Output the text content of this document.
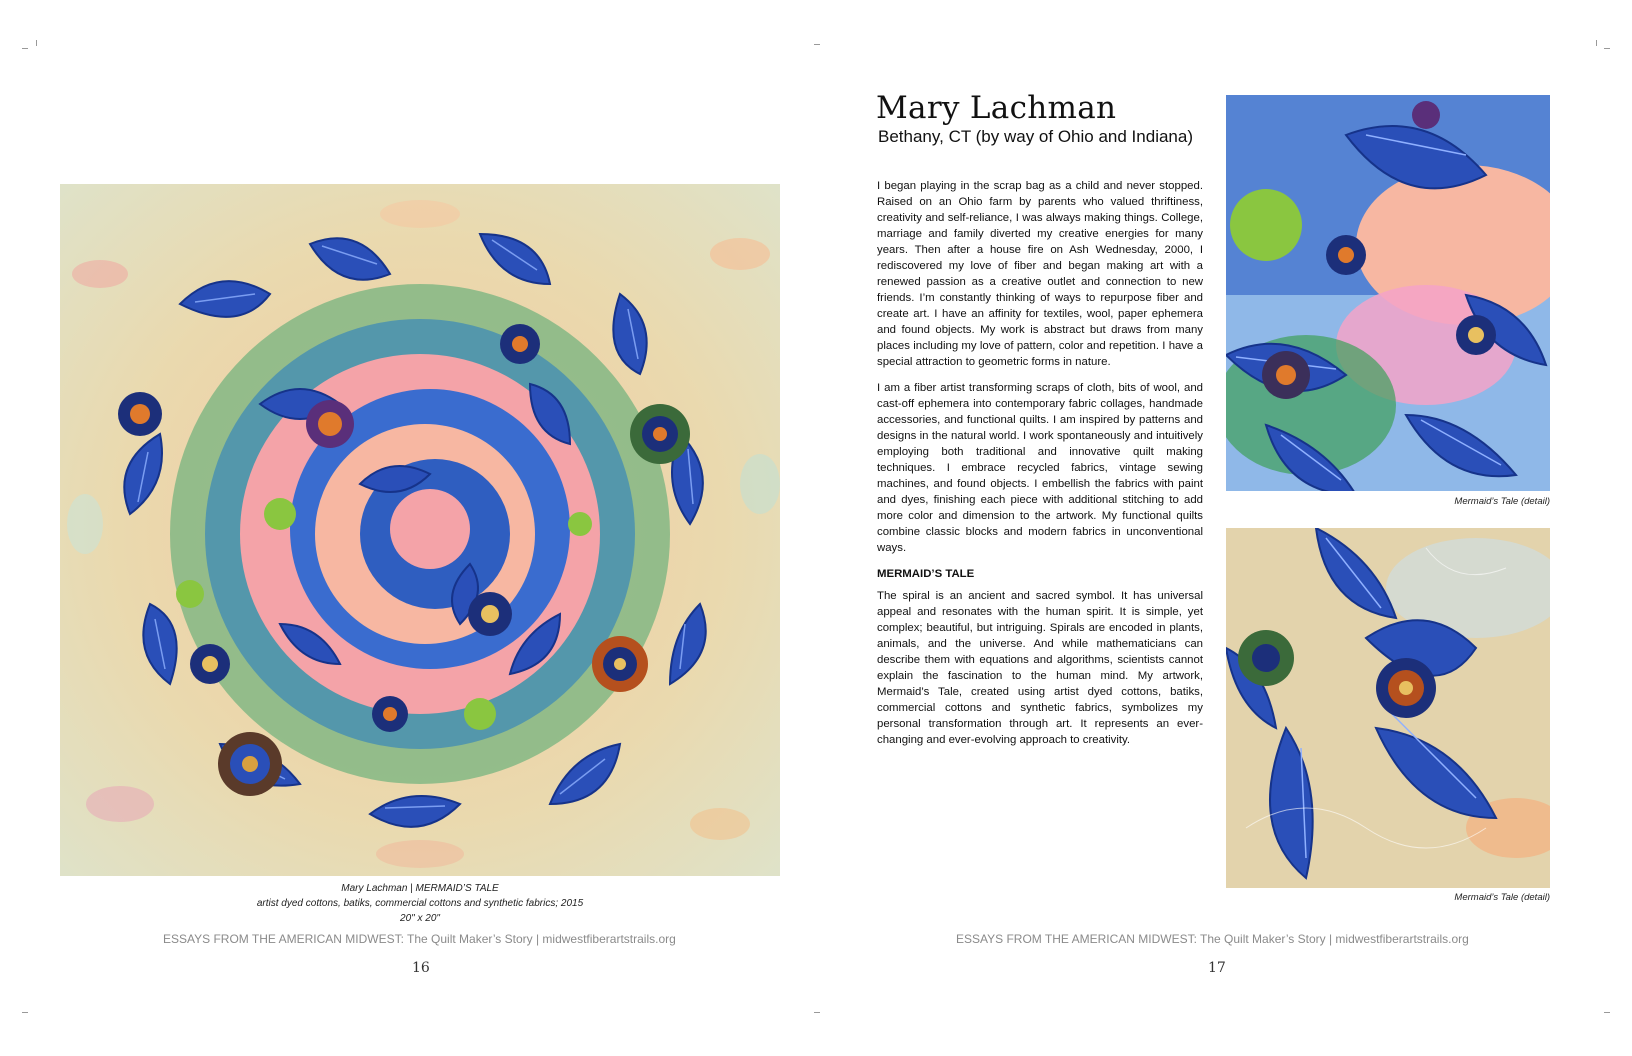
Mary Lachman | MERMAID’S TALE
artist dyed cottons, batiks, commercial cottons and synthetic fabrics; 2015
20" x 20"
ESSAYS FROM THE AMERICAN MIDWEST: The Quilt Maker’s Story | midwestfiberartstrails.org
16
Mary Lachman
Bethany, CT (by way of Ohio and Indiana)

I began playing in the scrap bag as a child and never stopped. Raised on an Ohio farm by parents who valued thriftiness, creativity and self-reliance, I was always making things. College, marriage and family diverted my creative energies for many years. Then after a house fire on Ash Wednesday, 2000, I rediscovered my love of fiber and began making art with a renewed passion as a creative outlet and connection to new friends. I’m constantly thinking of ways to repurpose fiber and create art. I have an affinity for textiles, wool, paper ephemera and found objects. My work is abstract but draws from many places including my love of pattern, color and repetition. I have a special attraction to geometric forms in nature.

I am a fiber artist transforming scraps of cloth, bits of wool, and cast-off ephemera into contemporary fabric collages, handmade accessories, and functional quilts. I am inspired by patterns and designs in the natural world. I work spontaneously and intuitively employing both traditional and innovative quilt making techniques. I embrace recycled fabrics, vintage sewing machines, and found objects. I embellish the fabrics with paint and dyes, finishing each piece with additional stitching to add more color and dimension to the artwork. My functional quilts combine classic blocks and modern fabrics in unconventional ways.

MERMAID’S TALE

The spiral is an ancient and sacred symbol. It has universal appeal and resonates with the human spirit. It is simple, yet complex; beautiful, but intriguing. Spirals are encoded in plants, animals, and the universe. And while mathematicians can describe them with equations and algorithms, scientists cannot explain the fascination to the human mind. My artwork, Mermaid’s Tale, created using artist dyed cottons, batiks, commercial cottons and synthetic fabrics, symbolizes my personal transformation through art. It represents an ever-changing and ever-evolving approach to creativity.

Mermaid’s Tale (detail)
Mermaid’s Tale (detail)
ESSAYS FROM THE AMERICAN MIDWEST: The Quilt Maker’s Story | midwestfiberartstrails.org
17
